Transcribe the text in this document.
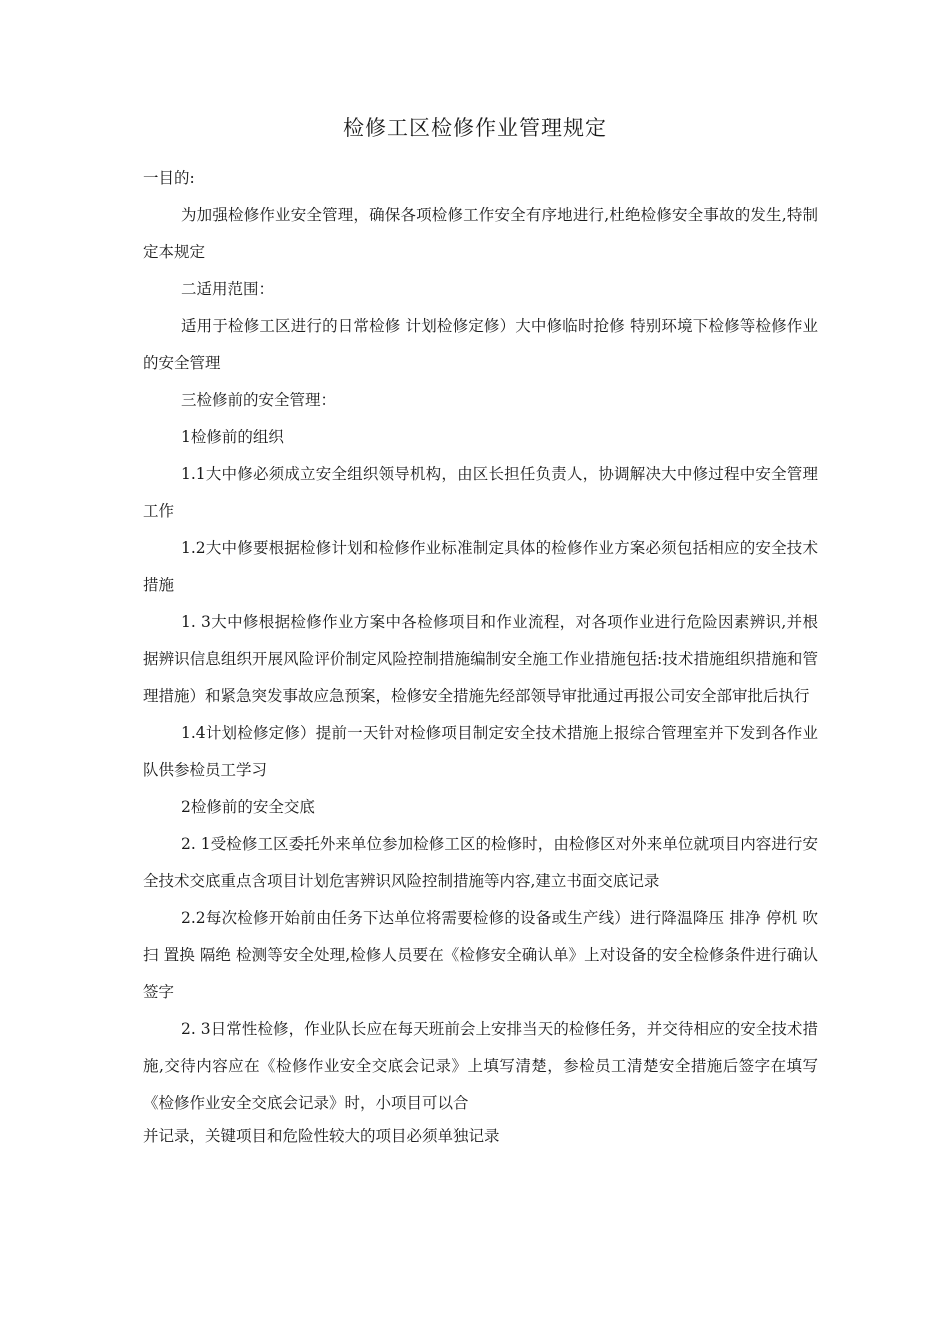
检修工区检修作业管理规定

一目的:

为加强检修作业安全管理，确保各项检修工作安全有序地进行,杜绝检修安全事故的发生,特制定本规定

二适用范围：

适用于检修工区进行的日常检修 计划检修定修）大中修临时抢修 特别环境下检修等检修作业的安全管理

三检修前的安全管理：

1检修前的组织

1.1大中修必须成立安全组织领导机构，由区长担任负责人，协调解决大中修过程中安全管理工作

1.2大中修要根据检修计划和检修作业标准制定具体的检修作业方案必须包括相应的安全技术措施

1. 3大中修根据检修作业方案中各检修项目和作业流程，对各项作业进行危险因素辨识,并根据辨识信息组织开展风险评价制定风险控制措施编制安全施工作业措施包括:技术措施组织措施和管理措施）和紧急突发事故应急预案，检修安全措施先经部领导审批通过再报公司安全部审批后执行

1.4计划检修定修）提前一天针对检修项目制定安全技术措施上报综合管理室并下发到各作业队供参检员工学习

2检修前的安全交底

2. 1受检修工区委托外来单位参加检修工区的检修时，由检修区对外来单位就项目内容进行安全技术交底重点含项目计划危害辨识风险控制措施等内容,建立书面交底记录

2.2每次检修开始前由任务下达单位将需要检修的设备或生产线）进行降温降压 排净 停机 吹扫 置换 隔绝 检测等安全处理,检修人员要在《检修安全确认单》上对设备的安全检修条件进行确认签字

2. 3日常性检修，作业队长应在每天班前会上安排当天的检修任务，并交待相应的安全技术措施,交待内容应在《检修作业安全交底会记录》上填写清楚，参检员工清楚安全措施后签字在填写《检修作业安全交底会记录》时，小项目可以合

并记录，关键项目和危险性较大的项目必须单独记录
